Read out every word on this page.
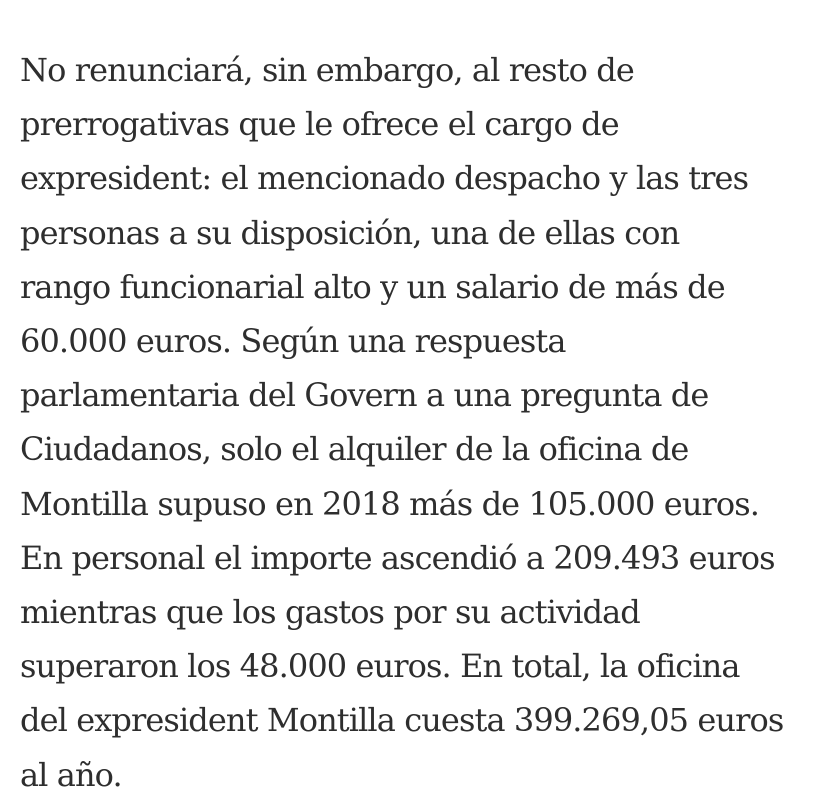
No renunciará, sin embargo, al resto de
prerrogativas que le ofrece el cargo de
expresident: el mencionado despacho y las tres
personas a su disposición, una de ellas con
rango funcionarial alto y un salario de más de
60.000 euros. Según una respuesta
parlamentaria del Govern a una pregunta de
Ciudadanos, solo el alquiler de la oficina de
Montilla supuso en 2018 más de 105.000 euros.
En personal el importe ascendió a 209.493 euros
mientras que los gastos por su actividad
superaron los 48.000 euros. En total, la oficina
del expresident Montilla cuesta 399.269,05 euros
al año.
